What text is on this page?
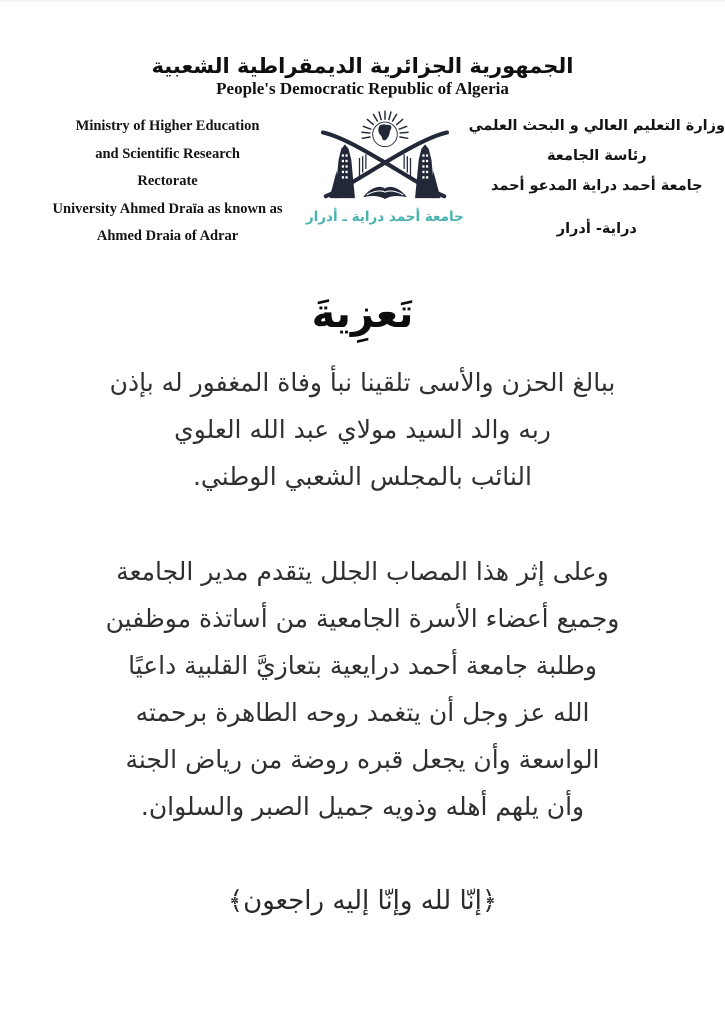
الجمهورية الجزائرية الديمقراطية الشعبية
People's Democratic Republic of Algeria
Ministry of Higher Education
and Scientific Research
Rectorate
University Ahmed Draïa as known as
Ahmed Draia of Adrar
جامعة أحمد دراية ـ أدرار
وزارة التعليم العالي و البحث العلمي
رئاسة الجامعة
جامعة أحمد دراية المدعو أحمد
دراية- أدرار
تَعزِيةَ
ببالغ الحزن والأسى تلقينا نبأ وفاة المغفور له بإذن
ربه والد السيد مولاي عبد الله العلوي
النائب بالمجلس الشعبي الوطني.
وعلى إثر هذا المصاب الجلل يتقدم مدير الجامعة
وجميع أعضاء الأسرة الجامعية من أساتذة موظفين
وطلبة جامعة أحمد درايعية بتعازيَّ القلبية داعيًا
الله عز وجل أن يتغمد روحه الطاهرة برحمته
الواسعة وأن يجعل قبره روضة من رياض الجنة
وأن يلهم أهله وذويه جميل الصبر والسلوان.
﴿إنّا لله وإنّا إليه راجعون﴾
